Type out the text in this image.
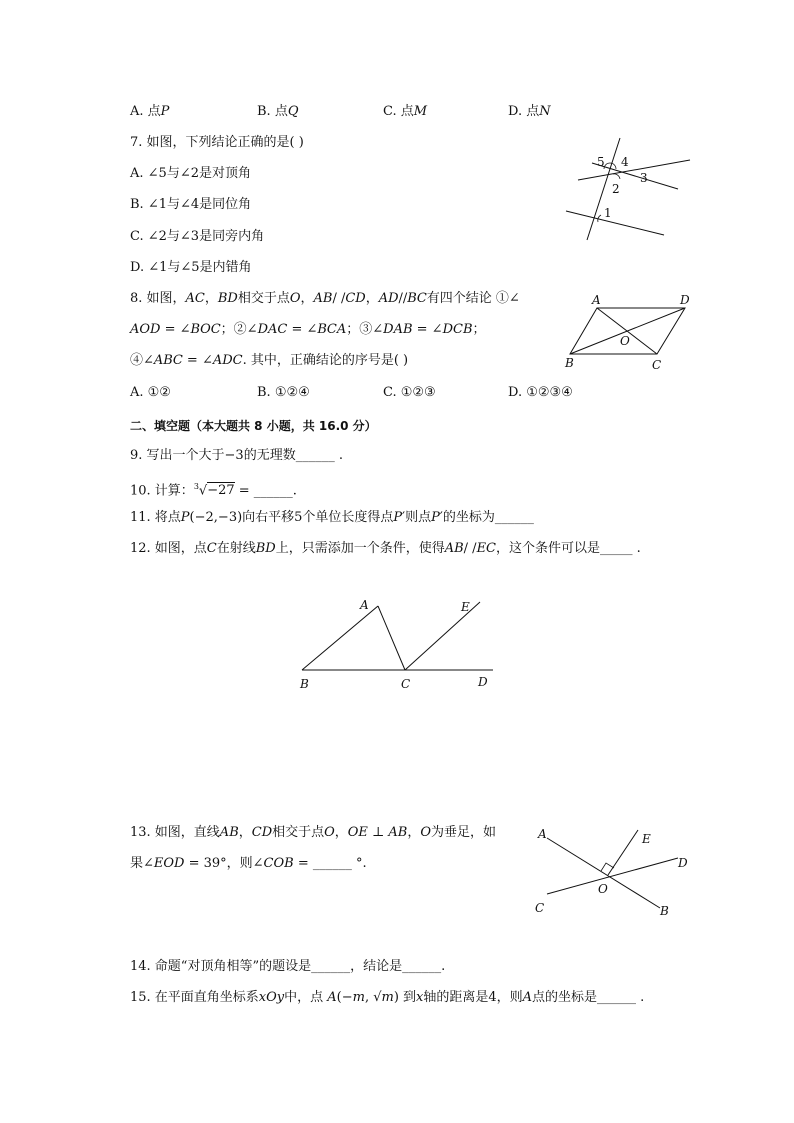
A. 点𝑃	B. 点𝑄	C. 点𝑀	D. 点𝑁
7. 如图，下列结论正确的是( )
A. ∠5与∠2是对顶角
B. ∠1与∠4是同位角
C. ∠2与∠3是同旁内角
D. ∠1与∠5是内错角
5 4
3
2
1
8. 如图，𝐴𝐶，𝐵𝐷相交于点𝑂，𝐴𝐵/ /𝐶𝐷，𝐴𝐷//𝐵𝐶有四个结论 ①∠
𝐴𝑂𝐷 = ∠𝐵𝑂𝐶；②∠𝐷𝐴𝐶 = ∠𝐵𝐶𝐴；③∠𝐷𝐴𝐵 = ∠𝐷𝐶𝐵；
④∠𝐴𝐵𝐶 = ∠𝐴𝐷𝐶. 其中，正确结论的序号是( )
A	D
O
B	C
A. ①②	B. ①②④	C. ①②③	D. ①②③④
二、填空题（本大题共 8 小题，共 16.0 分）
9. 写出一个大于−3的无理数______ .
10. 计算：$^3$√−27 = ______.
11. 将点𝑃(−2,−3)向右平移5个单位长度得点𝑃′则点𝑃′的坐标为______
12. 如图，点𝐶在射线𝐵𝐷上，只需添加一个条件，使得𝐴𝐵/ /𝐸𝐶，这个条件可以是_____ .
A	E
B	C	D
13. 如图，直线𝐴𝐵，𝐶𝐷相交于点𝑂，𝑂𝐸 ⊥ 𝐴𝐵，𝑂为垂足，如
果∠𝐸𝑂𝐷 = 39°，则∠𝐶𝑂𝐵 = ______ °.
A	E
D
O
C	B
14. 命题“对顶角相等”的题设是______，结论是______.
15. 在平面直角坐标系𝑥𝑂𝑦中，点 𝐴(−𝑚, √𝑚) 到𝑥轴的距离是4，则𝐴点的坐标是______ .
